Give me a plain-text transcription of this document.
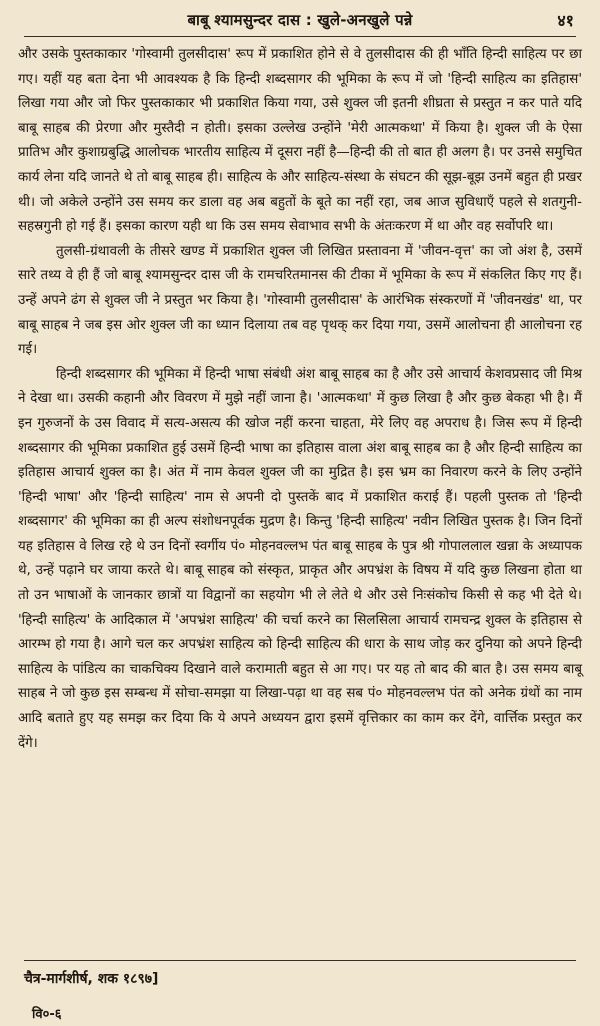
बाबू श्यामसुन्दर दास : खुले-अनखुले पन्ने	४१

और उसके पुस्तकाकार 'गोस्वामी तुलसीदास' रूप में प्रकाशित होने से वे तुलसीदास की ही भाँति हिन्दी साहित्य पर छा गए। यहीं यह बता देना भी आवश्यक है कि हिन्दी शब्दसागर की भूमिका के रूप में जो 'हिन्दी साहित्य का इतिहास' लिखा गया और जो फिर पुस्तकाकार भी प्रकाशित किया गया, उसे शुक्ल जी इतनी शीघ्रता से प्रस्तुत न कर पाते यदि बाबू साहब की प्रेरणा और मुस्तैदी न होती। इसका उल्लेख उन्होंने 'मेरी आत्मकथा' में किया है। शुक्ल जी के ऐसा प्रातिभ और कुशाग्रबुद्धि आलोचक भारतीय साहित्य में दूसरा नहीं है—हिन्दी की तो बात ही अलग है। पर उनसे समुचित कार्य लेना यदि जानते थे तो बाबू साहब ही। साहित्य के और साहित्य-संस्था के संघटन की सूझ-बूझ उनमें बहुत ही प्रखर थी। जो अकेले उन्होंने उस समय कर डाला वह अब बहुतों के बूते का नहीं रहा, जब आज सुविधाएँ पहले से शतगुनी-सहस्रगुनी हो गई हैं। इसका कारण यही था कि उस समय सेवाभाव सभी के अंतःकरण में था और वह सर्वोपरि था।

तुलसी-ग्रंथावली के तीसरे खण्ड में प्रकाशित शुक्ल जी लिखित प्रस्तावना में 'जीवन-वृत्त' का जो अंश है, उसमें सारे तथ्य वे ही हैं जो बाबू श्यामसुन्दर दास जी के रामचरितमानस की टीका में भूमिका के रूप में संकलित किए गए हैं। उन्हें अपने ढंग से शुक्ल जी ने प्रस्तुत भर किया है। 'गोस्वामी तुलसीदास' के आरंभिक संस्करणों में 'जीवनखंड' था, पर बाबू साहब ने जब इस ओर शुक्ल जी का ध्यान दिलाया तब वह पृथक् कर दिया गया, उसमें आलोचना ही आलोचना रह गई।

हिन्दी शब्दसागर की भूमिका में हिन्दी भाषा संबंधी अंश बाबू साहब का है और उसे आचार्य केशवप्रसाद जी मिश्र ने देखा था। उसकी कहानी और विवरण में मुझे नहीं जाना है। 'आत्मकथा' में कुछ लिखा है और कुछ बेकहा भी है। मैं इन गुरुजनों के उस विवाद में सत्य-असत्य की खोज नहीं करना चाहता, मेरे लिए वह अपराध है। जिस रूप में हिन्दी शब्दसागर की भूमिका प्रकाशित हुई उसमें हिन्दी भाषा का इतिहास वाला अंश बाबू साहब का है और हिन्दी साहित्य का इतिहास आचार्य शुक्ल का है। अंत में नाम केवल शुक्ल जी का मुद्रित है। इस भ्रम का निवारण करने के लिए उन्होंने 'हिन्दी भाषा' और 'हिन्दी साहित्य' नाम से अपनी दो पुस्तकें बाद में प्रकाशित कराई हैं। पहली पुस्तक तो 'हिन्दी शब्दसागर' की भूमिका का ही अल्प संशोधनपूर्वक मुद्रण है। किन्तु 'हिन्दी साहित्य' नवीन लिखित पुस्तक है। जिन दिनों यह इतिहास वे लिख रहे थे उन दिनों स्वर्गीय पं० मोहनवल्लभ पंत बाबू साहब के पुत्र श्री गोपाललाल खन्ना के अध्यापक थे, उन्हें पढ़ाने घर जाया करते थे। बाबू साहब को संस्कृत, प्राकृत और अपभ्रंश के विषय में यदि कुछ लिखना होता था तो उन भाषाओं के जानकार छात्रों या विद्वानों का सहयोग भी ले लेते थे और उसे निःसंकोच किसी से कह भी देते थे। 'हिन्दी साहित्य' के आदिकाल में 'अपभ्रंश साहित्य' की चर्चा करने का सिलसिला आचार्य रामचन्द्र शुक्ल के इतिहास से आरम्भ हो गया है। आगे चल कर अपभ्रंश साहित्य को हिन्दी साहित्य की धारा के साथ जोड़ कर दुनिया को अपने हिन्दी साहित्य के पांडित्य का चाकचिक्य दिखाने वाले करामाती बहुत से आ गए। पर यह तो बाद की बात है। उस समय बाबू साहब ने जो कुछ इस सम्बन्ध में सोचा-समझा या लिखा-पढ़ा था वह सब पं० मोहनवल्लभ पंत को अनेक ग्रंथों का नाम आदि बताते हुए यह समझ कर दिया कि ये अपने अध्ययन द्वारा इसमें वृत्तिकार का काम कर देंगे, वार्त्तिक प्रस्तुत कर देंगे।

चैत्र-मार्गशीर्ष, शक १८९७]
वि०-६
